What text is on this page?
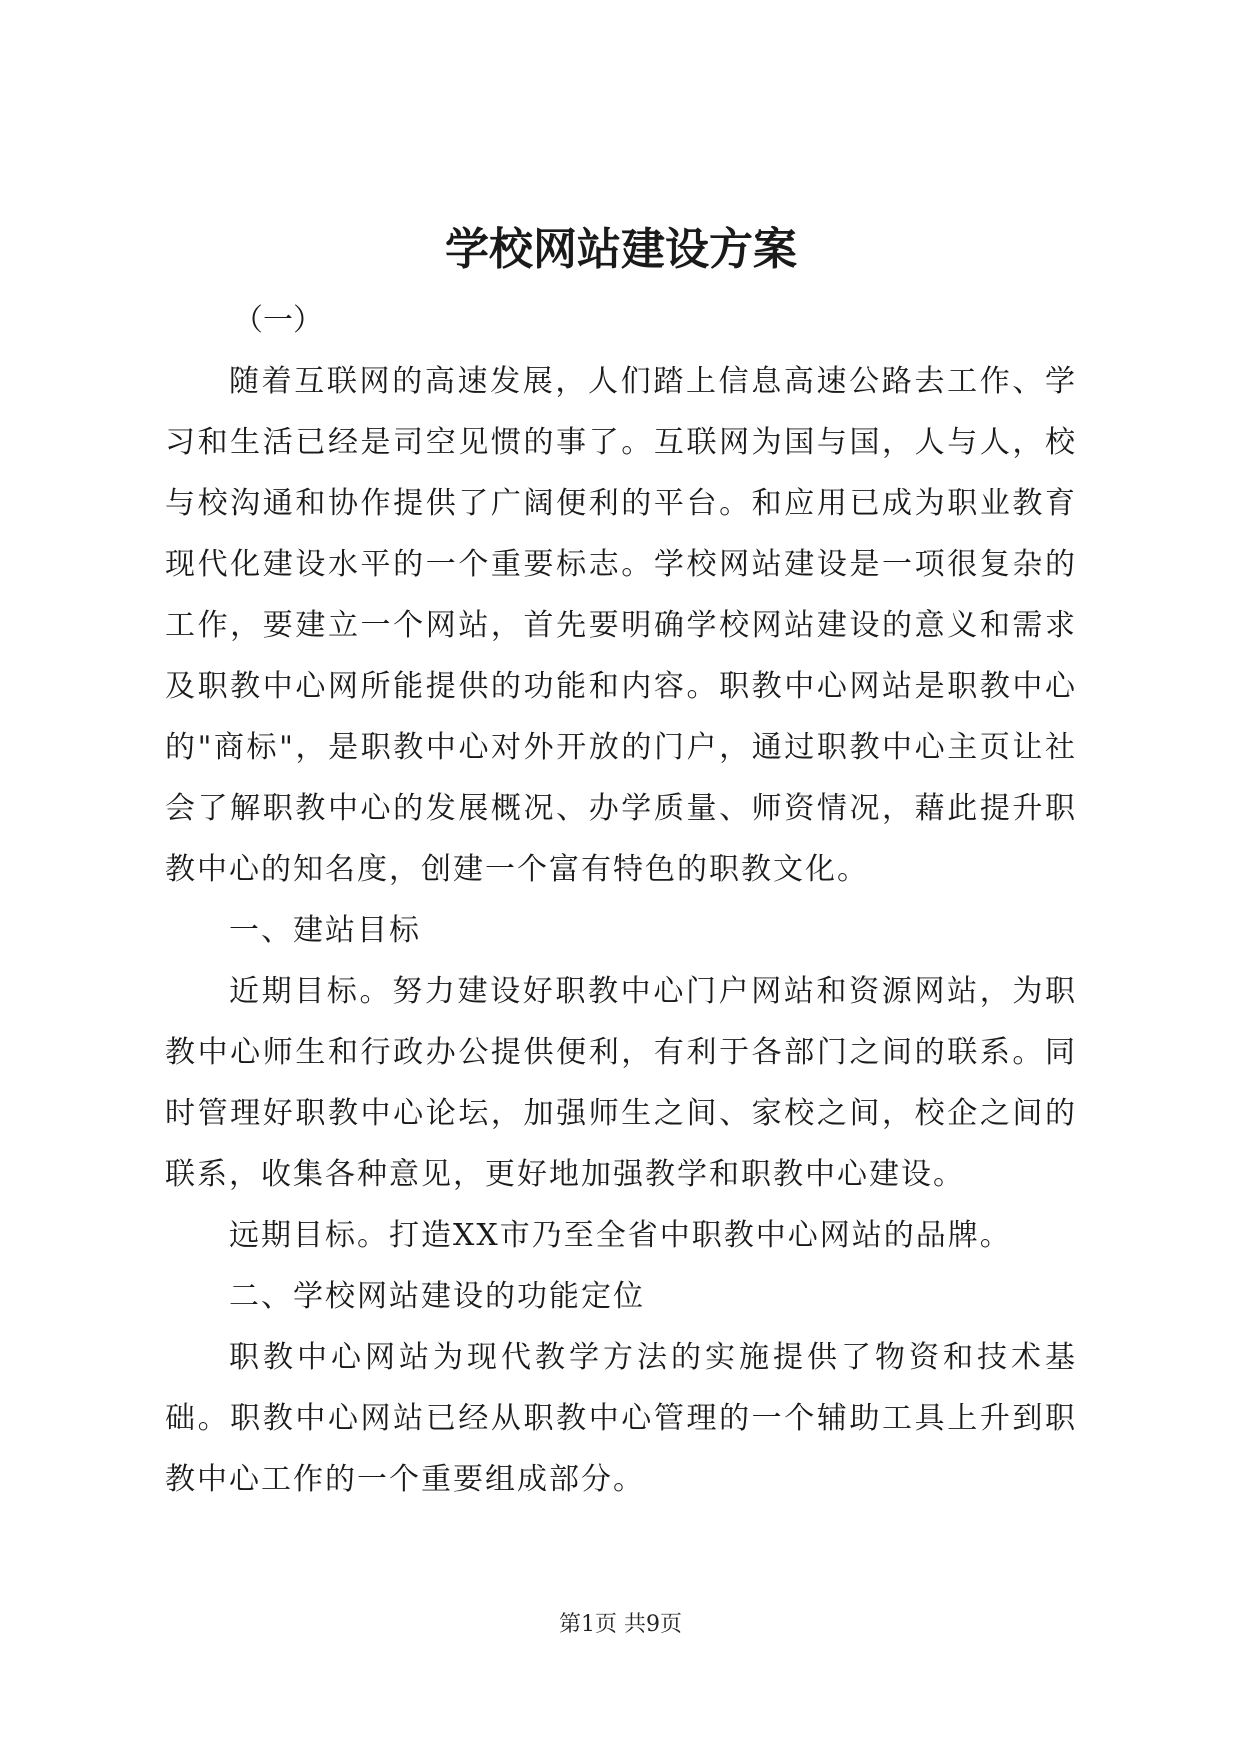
学校网站建设方案

（一）

随着互联网的高速发展，人们踏上信息高速公路去工作、学习和生活已经是司空见惯的事了。互联网为国与国，人与人，校与校沟通和协作提供了广阔便利的平台。和应用已成为职业教育现代化建设水平的一个重要标志。学校网站建设是一项很复杂的工作，要建立一个网站，首先要明确学校网站建设的意义和需求及职教中心网所能提供的功能和内容。职教中心网站是职教中心的"商标"，是职教中心对外开放的门户，通过职教中心主页让社会了解职教中心的发展概况、办学质量、师资情况，藉此提升职教中心的知名度，创建一个富有特色的职教文化。

一、建站目标

近期目标。努力建设好职教中心门户网站和资源网站，为职教中心师生和行政办公提供便利，有利于各部门之间的联系。同时管理好职教中心论坛，加强师生之间、家校之间，校企之间的联系，收集各种意见，更好地加强教学和职教中心建设。

远期目标。打造XX市乃至全省中职教中心网站的品牌。

二、学校网站建设的功能定位

职教中心网站为现代教学方法的实施提供了物资和技术基础。职教中心网站已经从职教中心管理的一个辅助工具上升到职教中心工作的一个重要组成部分。

第1页 共9页
